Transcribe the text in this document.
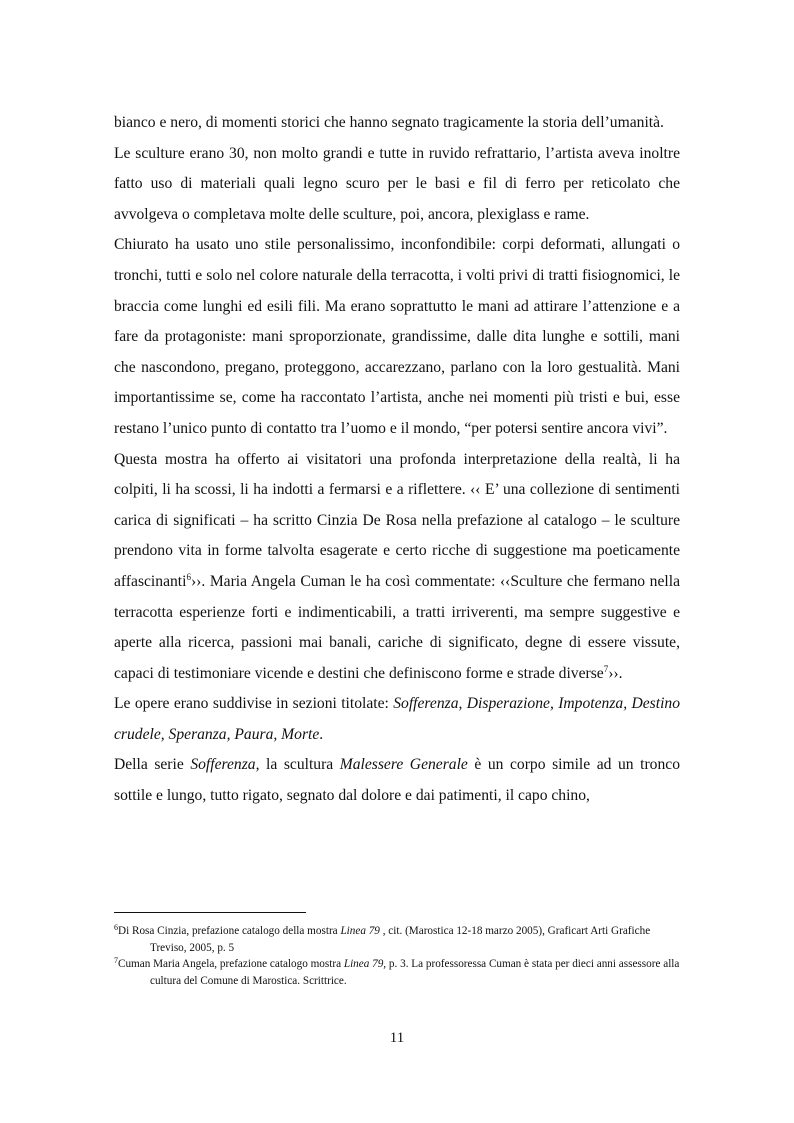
bianco e nero, di momenti storici che hanno segnato tragicamente la storia dell’umanità.

Le sculture erano 30, non molto grandi e tutte in ruvido refrattario, l’artista aveva inoltre fatto uso di materiali quali legno scuro per le basi e fil di ferro per reticolato che avvolgeva o completava molte delle sculture, poi, ancora, plexiglass e rame.

Chiurato ha usato uno stile personalissimo, inconfondibile: corpi deformati, allungati o tronchi, tutti e solo nel colore naturale della terracotta, i volti privi di tratti fisiognomici, le braccia come lunghi ed esili fili. Ma erano soprattutto le mani ad attirare l’attenzione e a fare da protagoniste: mani sproporzionate, grandissime, dalle dita lunghe e sottili, mani che nascondono, pregano, proteggono, accarezzano, parlano con la loro gestualità. Mani importantissime se, come ha raccontato l’artista, anche nei momenti più tristi e bui, esse restano l’unico punto di contatto tra l’uomo e il mondo, “per potersi sentire ancora vivi”.

Questa mostra ha offerto ai visitatori una profonda interpretazione della realtà, li ha colpiti, li ha scossi, li ha indotti a fermarsi e a riflettere. ‹‹ E’ una collezione di sentimenti carica di significati – ha scritto Cinzia De Rosa nella prefazione al catalogo – le sculture prendono vita in forme talvolta esagerate e certo ricche di suggestione ma poeticamente affascinanti$^6$››. Maria Angela Cuman le ha così commentate: ‹‹Sculture che fermano nella terracotta esperienze forti e indimenticabili, a tratti irriverenti, ma sempre suggestive e aperte alla ricerca, passioni mai banali, cariche di significato, degne di essere vissute, capaci di testimoniare vicende e destini che definiscono forme e strade diverse$^7$››.

Le opere erano suddivise in sezioni titolate: Sofferenza, Disperazione, Impotenza, Destino crudele, Speranza, Paura, Morte.

Della serie Sofferenza, la scultura Malessere Generale è un corpo simile ad un tronco sottile e lungo, tutto rigato, segnato dal dolore e dai patimenti, il capo chino,

$^6$Di Rosa Cinzia, prefazione catalogo della mostra Linea 79 , cit. (Marostica 12-18 marzo 2005), Graficart Arti Grafiche Treviso, 2005, p. 5
$^7$Cuman Maria Angela, prefazione catalogo mostra Linea 79, p. 3. La professoressa Cuman è stata per dieci anni assessore alla cultura del Comune di Marostica. Scrittrice.
11
